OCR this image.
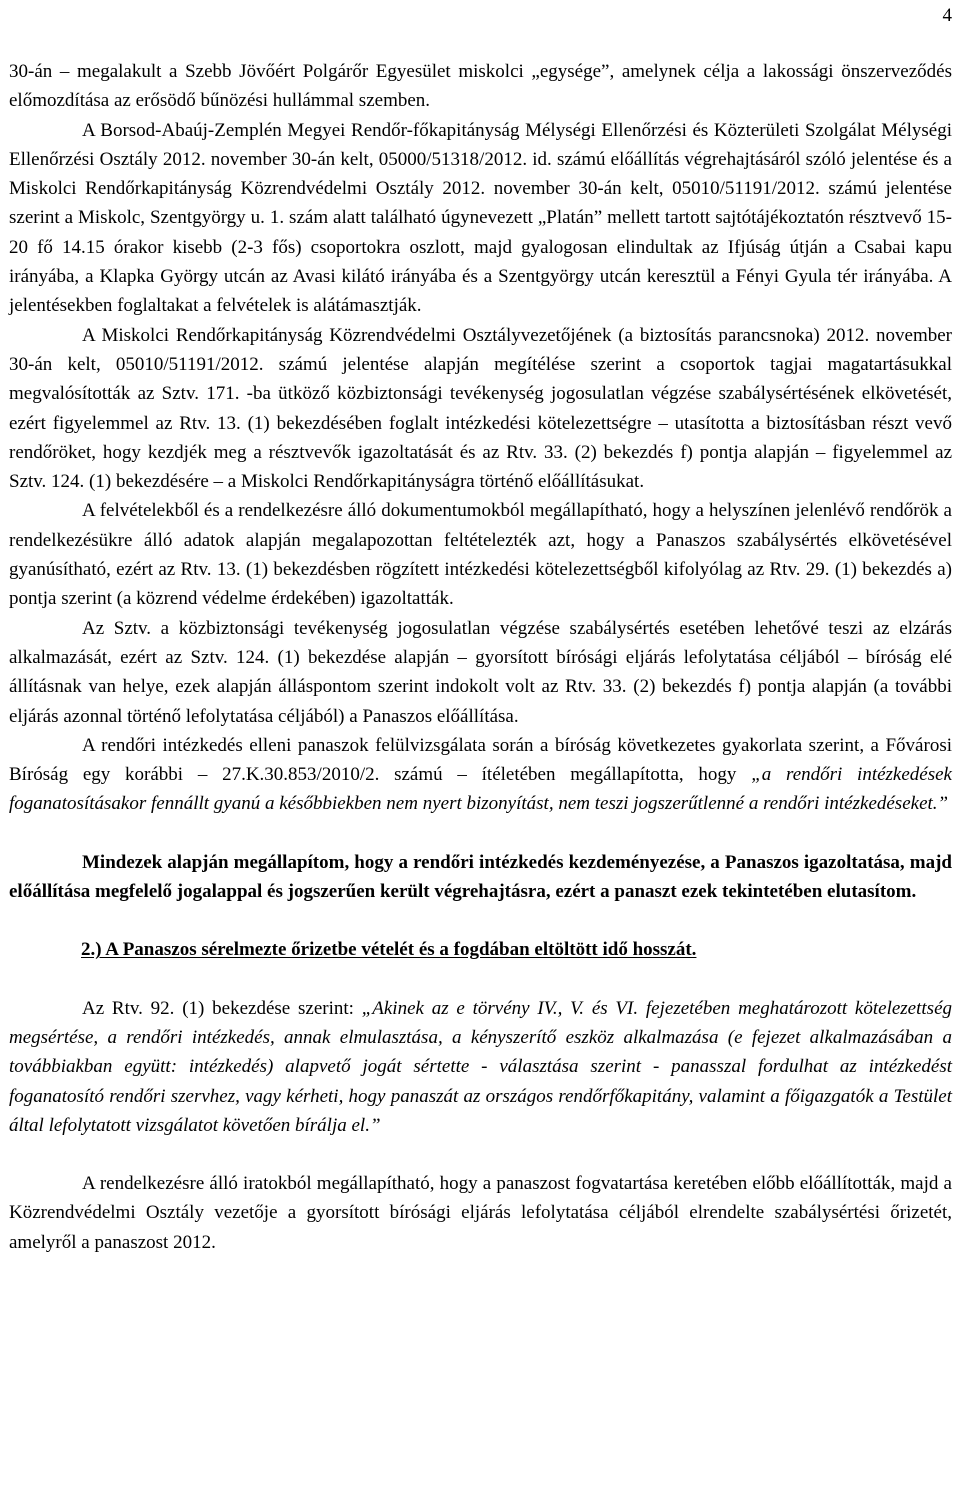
4

30-án – megalakult a Szebb Jövőért Polgárőr Egyesület miskolci „egysége”, amelynek célja a lakossági önszerveződés előmozdítása az erősödő bűnözési hullámmal szemben.

A Borsod-Abaúj-Zemplén Megyei Rendőr-főkapitányság Mélységi Ellenőrzési és Közterületi Szolgálat Mélységi Ellenőrzési Osztály 2012. november 30-án kelt, 05000/51318/2012. id. számú előállítás végrehajtásáról szóló jelentése és a Miskolci Rendőrkapitányság Közrendvédelmi Osztály 2012. november 30-án kelt, 05010/51191/2012. számú jelentése szerint a Miskolc, Szentgyörgy u. 1. szám alatt található úgynevezett „Platán” mellett tartott sajtótájékoztatón résztvevő 15-20 fő 14.15 órakor kisebb (2-3 fős) csoportokra oszlott, majd gyalogosan elindultak az Ifjúság útján a Csabai kapu irányába, a Klapka György utcán az Avasi kilátó irányába és a Szentgyörgy utcán keresztül a Fényi Gyula tér irányába. A jelentésekben foglaltakat a felvételek is alátámasztják.

A Miskolci Rendőrkapitányság Közrendvédelmi Osztályvezetőjének (a biztosítás parancsnoka) 2012. november 30-án kelt, 05010/51191/2012. számú jelentése alapján megítélése szerint a csoportok tagjai magatartásukkal megvalósították az Sztv. 171. -ba ütköző közbiztonsági tevékenység jogosulatlan végzése szabálysértésének elkövetését, ezért figyelemmel az Rtv. 13. (1) bekezdésében foglalt intézkedési kötelezettségre – utasította a biztosításban részt vevő rendőröket, hogy kezdjék meg a résztvevők igazoltatását és az Rtv. 33. (2) bekezdés f) pontja alapján – figyelemmel az Sztv. 124. (1) bekezdésére – a Miskolci Rendőrkapitányságra történő előállításukat.

A felvételekből és a rendelkezésre álló dokumentumokból megállapítható, hogy a helyszínen jelenlévő rendőrök a rendelkezésükre álló adatok alapján megalapozottan feltételezték azt, hogy a Panaszos szabálysértés elkövetésével gyanúsítható, ezért az Rtv. 13. (1) bekezdésben rögzített intézkedési kötelezettségből kifolyólag az Rtv. 29. (1) bekezdés a) pontja szerint (a közrend védelme érdekében) igazoltatták.

Az Sztv. a közbiztonsági tevékenység jogosulatlan végzése szabálysértés esetében lehetővé teszi az elzárás alkalmazását, ezért az Sztv. 124. (1) bekezdése alapján – gyorsított bírósági eljárás lefolytatása céljából – bíróság elé állításnak van helye, ezek alapján álláspontom szerint indokolt volt az Rtv. 33. (2) bekezdés f) pontja alapján (a további eljárás azonnal történő lefolytatása céljából) a Panaszos előállítása.

A rendőri intézkedés elleni panaszok felülvizsgálata során a bíróság következetes gyakorlata szerint, a Fővárosi Bíróság egy korábbi – 27.K.30.853/2010/2. számú – ítéletében megállapította, hogy „a rendőri intézkedések foganatosításakor fennállt gyanú a későbbiekben nem nyert bizonyítást, nem teszi jogszerűtlenné a rendőri intézkedéseket.”

Mindezek alapján megállapítom, hogy a rendőri intézkedés kezdeményezése, a Panaszos igazoltatása, majd előállítása megfelelő jogalappal és jogszerűen került végrehajtásra, ezért a panaszt ezek tekintetében elutasítom.

2.) A Panaszos sérelmezte őrizetbe vételét és a fogdában eltöltött idő hosszát.

Az Rtv. 92. (1) bekezdése szerint: „Akinek az e törvény IV., V. és VI. fejezetében meghatározott kötelezettség megsértése, a rendőri intézkedés, annak elmulasztása, a kényszerítő eszköz alkalmazása (e fejezet alkalmazásában a továbbiakban együtt: intézkedés) alapvető jogát sértette - választása szerint - panasszal fordulhat az intézkedést foganatosító rendőri szervhez, vagy kérheti, hogy panaszát az országos rendőrfőkapitány, valamint a főigazgatók a Testület által lefolytatott vizsgálatot követően bírálja el.”

A rendelkezésre álló iratokból megállapítható, hogy a panaszost fogvatartása keretében előbb előállították, majd a Közrendvédelmi Osztály vezetője a gyorsított bírósági eljárás lefolytatása céljából elrendelte szabálysértési őrizetét, amelyről a panaszost 2012.
